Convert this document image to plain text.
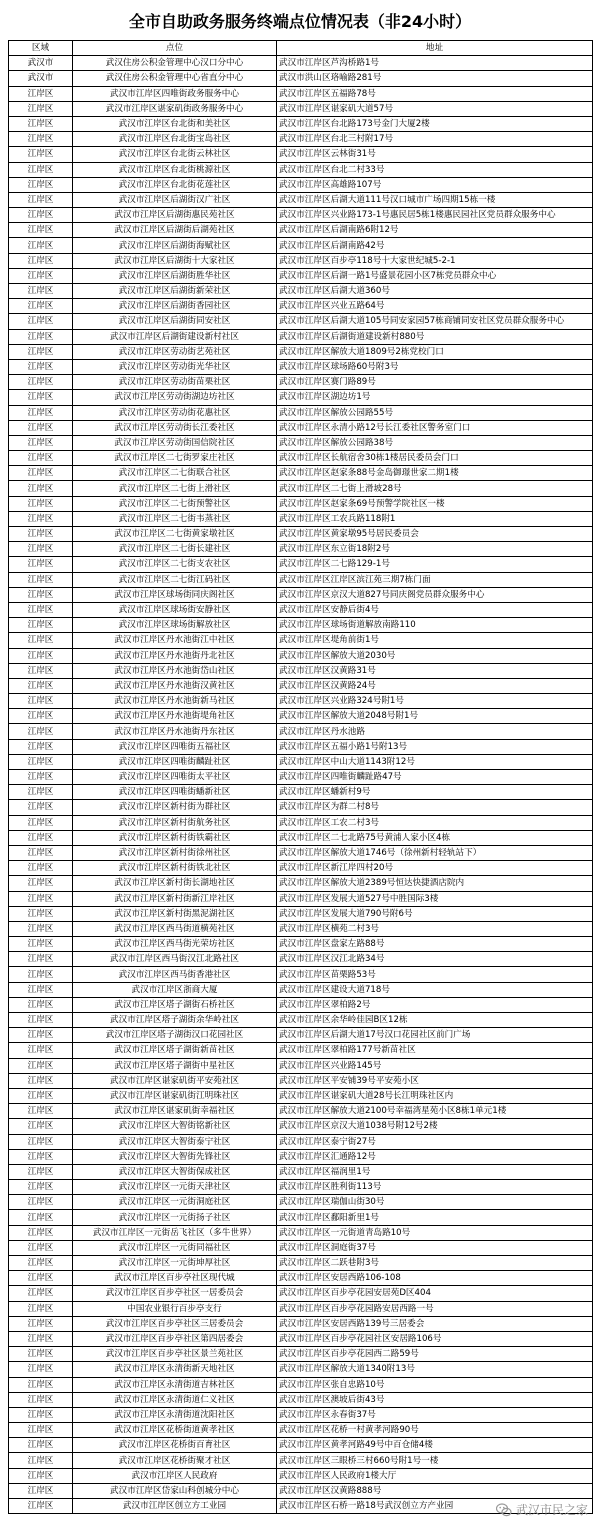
全市自助政务服务终端点位情况表（非24小时）
区域	点位	地址
武汉市	武汉住房公积金管理中心汉口分中心	武汉市江岸区芦沟桥路1号
武汉市	武汉住房公积金管理中心省直分中心	武汉市洪山区珞喻路281号
江岸区	武汉市江岸区四唯街政务服务中心	武汉市江岸区五福路78号
江岸区	武汉市江岸区谌家矶街政务服务中心	武汉市江岸区谌家矶大道57号
江岸区	武汉市江岸区台北街和美社区	武汉市江岸区台北路173号金门大厦2楼
江岸区	武汉市江岸区台北街宝岛社区	武汉市江岸区台北三村附17号
江岸区	武汉市江岸区台北街云林社区	武汉市江岸区云林街31号
江岸区	武汉市江岸区台北街桃源社区	武汉市江岸区台北二村33号
江岸区	武汉市江岸区台北街花莲社区	武汉市江岸区高雄路107号
江岸区	武汉市江岸区后湖街汉广社区	武汉市江岸区后湖大道111号汉口城市广场四期15栋一楼
江岸区	武汉市江岸区后湖街惠民苑社区	武汉市江岸区兴业路173-1号惠民居5栋1楼惠民园社区党员群众服务中心
江岸区	武汉市江岸区后湖街后湖苑社区	武汉市江岸区后湖南路6附12号
江岸区	武汉市江岸区后湖街海赋社区	武汉市江岸区后湖南路42号
江岸区	武汉市江岸区后湖街十大家社区	武汉市江岸区百步亭118号十大家世纪城5-2-1
江岸区	武汉市江岸区后湖街胜华社区	武汉市江岸区后湖一路1号盛景花园小区7栋党员群众中心
江岸区	武汉市江岸区后湖街新荣社区	武汉市江岸区后湖大道360号
江岸区	武汉市江岸区后湖街香园社区	武汉市江岸区兴业五路64号
江岸区	武汉市江岸区后湖街同安社区	武汉市江岸区后湖大道105号同安家园57栋商铺同安社区党员群众服务中心
江岸区	武汉市江岸区后湖街建设新村社区	武汉市江岸区后湖街道建设新村880号
江岸区	武汉市江岸区劳动街艺苑社区	武汉市江岸区解放大道1809号2栋党校门口
江岸区	武汉市江岸区劳动街光华社区	武汉市江岸区球场路60号附3号
江岸区	武汉市江岸区劳动街苗栗社区	武汉市江岸区赛门路89号
江岸区	武汉市江岸区劳动街湖边坊社区	武汉市江岸区湖边坊1号
江岸区	武汉市江岸区劳动街花惠社区	武汉市江岸区解放公园路55号
江岸区	武汉市江岸区劳动街长江委社区	武汉市江岸区永清小路12号长江委社区警务室门口
江岸区	武汉市江岸区劳动街国信院社区	武汉市江岸区解放公园路38号
江岸区	武汉市江岸区二七街罗家庄社区	武汉市江岸区长航宿舍30栋1楼居民委员会门口
江岸区	武汉市江岸区二七街联合社区	武汉市江岸区赵家条88号金岛御璟世家二期1楼
江岸区	武汉市江岸区二七街上滑社区	武汉市江岸区二七街上滑坡28号
江岸区	武汉市江岸区二七街预警社区	武汉市江岸区赵家条69号预警学院社区一楼
江岸区	武汉市江岸区二七街韦蒸社区	武汉市江岸区工农兵路118附1
江岸区	武汉市江岸区二七街黄家墩社区	武汉市江岸区黄家墩95号居民委员会
江岸区	武汉市江岸区二七街长建社区	武汉市江岸区东立街18附2号
江岸区	武汉市江岸区二七街支农社区	武汉市江岸区二七路129-1号
江岸区	武汉市江岸区二七街江码社区	武汉市江岸区江岸区滨江苑三期7栋门面
江岸区	武汉市江岸区球场街同庆阁社区	武汉市江岸区京汉大道827号同庆阁党员群众服务中心
江岸区	武汉市江岸区球场街安静社区	武汉市江岸区安静后街4号
江岸区	武汉市江岸区球场街解放社区	武汉市江岸区球场街道解放南路110
江岸区	武汉市江岸区丹水池街江中社区	武汉市江岸区堤角前街1号
江岸区	武汉市江岸区丹水池街丹北社区	武汉市江岸区解放大道2030号
江岸区	武汉市江岸区丹水池街岱山社区	武汉市江岸区汉黄路31号
江岸区	武汉市江岸区丹水池街汉黄社区	武汉市江岸区汉黄路24号
江岸区	武汉市江岸区丹水池街新马社区	武汉市江岸区兴业路324号附1号
江岸区	武汉市江岸区丹水池街堤角社区	武汉市江岸区解放大道2048号附1号
江岸区	武汉市江岸区丹水池街丹东社区	武汉市江岸区丹水池路
江岸区	武汉市江岸区四唯街五福社区	武汉市江岸区五福小路1号附13号
江岸区	武汉市江岸区四唯街麟趾社区	武汉市江岸区中山大道1143附12号
江岸区	武汉市江岸区四唯街太平社区	武汉市江岸区四唯街麟趾路47号
江岸区	武汉市江岸区四唯街蟠新社区	武汉市江岸区蟠新村9号
江岸区	武汉市江岸区新村街为群社区	武汉市江岸区为群二村8号
江岸区	武汉市江岸区新村街航务社区	武汉市江岸区工农二村3号
江岸区	武汉市江岸区新村街铁霸社区	武汉市江岸区二七北路75号黄浦人家小区4栋
江岸区	武汉市江岸区新村街徐州社区	武汉市江岸区解放大道1746号（徐州新村轻轨站下）
江岸区	武汉市江岸区新村街铁北社区	武汉市江岸区新江岸四村20号
江岸区	武汉市江岸区新村街长湖地社区	武汉市江岸区解放大道2389号恒达快捷酒店院内
江岸区	武汉市江岸区新村街新江岸社区	武汉市江岸区发展大道527号中胜国际3楼
江岸区	武汉市江岸区新村街黑泥湖社区	武汉市江岸区发展大道790号附6号
江岸区	武汉市江岸区西马街道横苑社区	武汉市江岸区横苑二村3号
江岸区	武汉市江岸区西马街光荣坊社区	武汉市江岸区盘家左路88号
江岸区	武汉市江岸区西马街汉江北路社区	武汉市江岸区汉江北路34号
江岸区	武汉市江岸区西马街香港社区	武汉市江岸区苗栗路53号
江岸区	武汉市江岸区浙商大厦	武汉市江岸区建设大道718号
江岸区	武汉市江岸区塔子湖街石桥社区	武汉市江岸区翠柏路2号
江岸区	武汉市江岸区塔子湖街余华岭社区	武汉市江岸区余华岭佳园B区12栋
江岸区	武汉市江岸区塔子湖街汉口花园社区	武汉市江岸区后湖大道17号汉口花园社区前门广场
江岸区	武汉市江岸区塔子湖街新苗社区	武汉市江岸区翠柏路177号新苗社区
江岸区	武汉市江岸区塔子湖街中星社区	武汉市江岸区兴业路145号
江岸区	武汉市江岸区谌家矶街平安苑社区	武汉市江岸区平安铺39号平安苑小区
江岸区	武汉市江岸区谌家矶街江明珠社区	武汉市江岸区谌家矶大道28号长江明珠社区内
江岸区	武汉市江岸区谌家矶街幸福社区	武汉市江岸区解放大道2100号幸福湾星苑小区8栋1单元1楼
江岸区	武汉市江岸区大智街铭新社区	武汉市江岸区京汉大道1038号附12号2楼
江岸区	武汉市江岸区大智街泰宁社区	武汉市江岸区泰宁街27号
江岸区	武汉市江岸区大智街先锋社区	武汉市江岸区汇通路12号
江岸区	武汉市江岸区大智街保成社区	武汉市江岸区福润里1号
江岸区	武汉市江岸区一元街天津社区	武汉市江岸区胜利街113号
江岸区	武汉市江岸区一元街洞庭社区	武汉市江岸区瑞伽山街30号
江岸区	武汉市江岸区一元街扬子社区	武汉市江岸区鄱阳新里1号
江岸区	武汉市江岸区一元街岳飞社区（多牛世界）	武汉市江岸区一元街道青岛路10号
江岸区	武汉市江岸区一元街同福社区	武汉市江岸区洞庭街37号
江岸区	武汉市江岸区一元街坤厚社区	武汉市江岸区二跃巷附3号
江岸区	武汉市江岸区百步亭社区现代城	武汉市江岸区安居西路106-108
江岸区	武汉市江岸区百步亭社区一居委员会	武汉市江岸区百步亭花园安居苑D区404
江岸区	中国农业银行百步亭支行	武汉市江岸区百步亭花园路安居西路一号
江岸区	武汉市江岸区百步亭社区三居委员会	武汉市江岸区安居西路139号三居委会
江岸区	武汉市江岸区百步亭社区第四居委会	武汉市江岸区百步亭花园社区安居路106号
江岸区	武汉市江岸区百步亭社区景兰苑社区	武汉市江岸区百步亭花园西二路59号
江岸区	武汉市江岸区永清街新天地社区	武汉市江岸区解放大道1340附13号
江岸区	武汉市江岸区永清街道吉林社区	武汉市江岸区张自忠路10号
江岸区	武汉市江岸区永清街道仁义社区	武汉市江岸区澳坡后街43号
江岸区	武汉市江岸区永清街道沈阳社区	武汉市江岸区永春街37号
江岸区	武汉市江岸区花桥街道黄孝社区	武汉市江岸区花桥一村黄孝河路90号
江岸区	武汉市江岸区花桥街百育社区	武汉市江岸区黄孝河路49号中百仓储4楼
江岸区	武汉市江岸区花桥街聚才社区	武汉市江岸区三眼桥三村660号附1号一楼
江岸区	武汉市江岸区人民政府	武汉市江岸区人民政府1楼大厅
江岸区	武汉市江岸区岱家山科创城分中心	武汉市江岸区汉黄路888号
江岸区	武汉市江岸区创立方工业园	武汉市江岸区石桥一路18号武汉创立方产业园	武汉市民之家
